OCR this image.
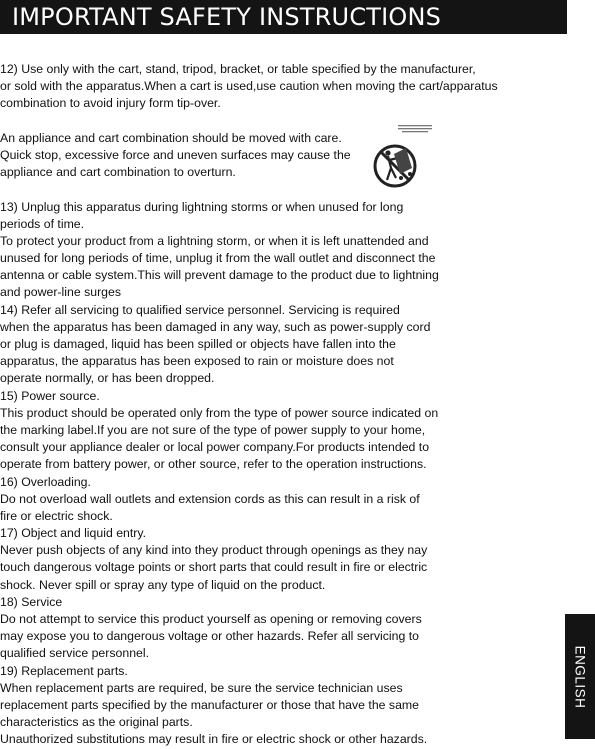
IMPORTANT SAFETY INSTRUCTIONS
12) Use only with the cart, stand, tripod, bracket, or table specified by the manufacturer,
or sold with the apparatus.When a cart is used,use caution when moving the cart/apparatus
combination to avoid injury form tip-over.
An appliance and cart combination should be moved with care.
Quick stop, excessive force and uneven surfaces may cause the
appliance and cart combination to overturn.
13) Unplug this apparatus during lightning storms or when unused for long
periods of time.
To protect your product from a lightning storm, or when it is left unattended and
unused for long periods of time, unplug it from the wall outlet and disconnect the
antenna or cable system.This will prevent damage to the product due to lightning
and power-line surges
14) Refer all servicing to qualified service personnel. Servicing is required
when the apparatus has been damaged in any way, such as power-supply cord
or plug is damaged, liquid has been spilled or objects have fallen into the
apparatus, the apparatus has been exposed to rain or moisture does not
operate normally, or has been dropped.
15) Power source.
This product should be operated only from the type of power source indicated on
the marking label.If you are not sure of the type of power supply to your home,
consult your appliance dealer or local power company.For products intended to
operate from battery power, or other source, refer to the operation instructions.
16) Overloading.
Do not overload wall outlets and extension cords as this can result in a risk of
fire or electric shock.
17) Object and liquid entry.
Never push objects of any kind into they product through openings as they nay
touch dangerous voltage points or short parts that could result in fire or electric
shock. Never spill or spray any type of liquid on the product.
18) Service
Do not attempt to service this product yourself as opening or removing covers
may expose you to dangerous voltage or other hazards. Refer all servicing to
qualified service personnel.
19) Replacement parts.
When replacement parts are required, be sure the service technician uses
replacement parts specified by the manufacturer or those that have the same
characteristics as the original parts.
Unauthorized substitutions may result in fire or electric shock or other hazards.
ENGLISH
